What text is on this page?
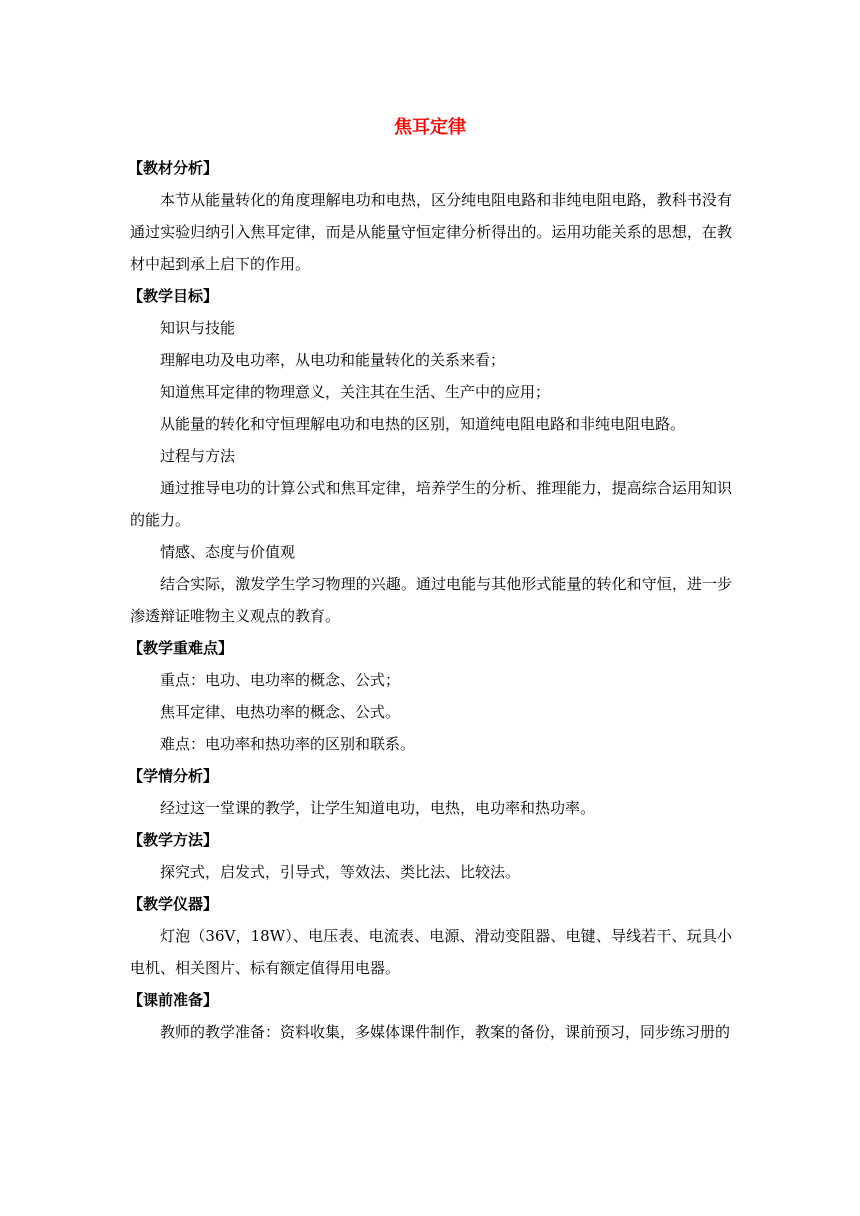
焦耳定律
【教材分析】

本节从能量转化的角度理解电功和电热，区分纯电阻电路和非纯电阻电路，教科书没有通过实验归纳引入焦耳定律，而是从能量守恒定律分析得出的。运用功能关系的思想，在教材中起到承上启下的作用。

【教学目标】

知识与技能

理解电功及电功率，从电功和能量转化的关系来看；

知道焦耳定律的物理意义，关注其在生活、生产中的应用；

从能量的转化和守恒理解电功和电热的区别，知道纯电阻电路和非纯电阻电路。

过程与方法

通过推导电功的计算公式和焦耳定律，培养学生的分析、推理能力，提高综合运用知识的能力。

情感、态度与价值观

结合实际，激发学生学习物理的兴趣。通过电能与其他形式能量的转化和守恒，进一步渗透辩证唯物主义观点的教育。

【教学重难点】

重点：电功、电功率的概念、公式；

焦耳定律、电热功率的概念、公式。

难点：电功率和热功率的区别和联系。

【学情分析】

经过这一堂课的教学，让学生知道电功，电热，电功率和热功率。

【教学方法】

探究式，启发式，引导式，等效法、类比法、比较法。

【教学仪器】

灯泡（36V，18W）、电压表、电流表、电源、滑动变阻器、电键、导线若干、玩具小电机、相关图片、标有额定值得用电器。

【课前准备】

教师的教学准备：资料收集，多媒体课件制作，教案的备份，课前预习，同步练习册的
